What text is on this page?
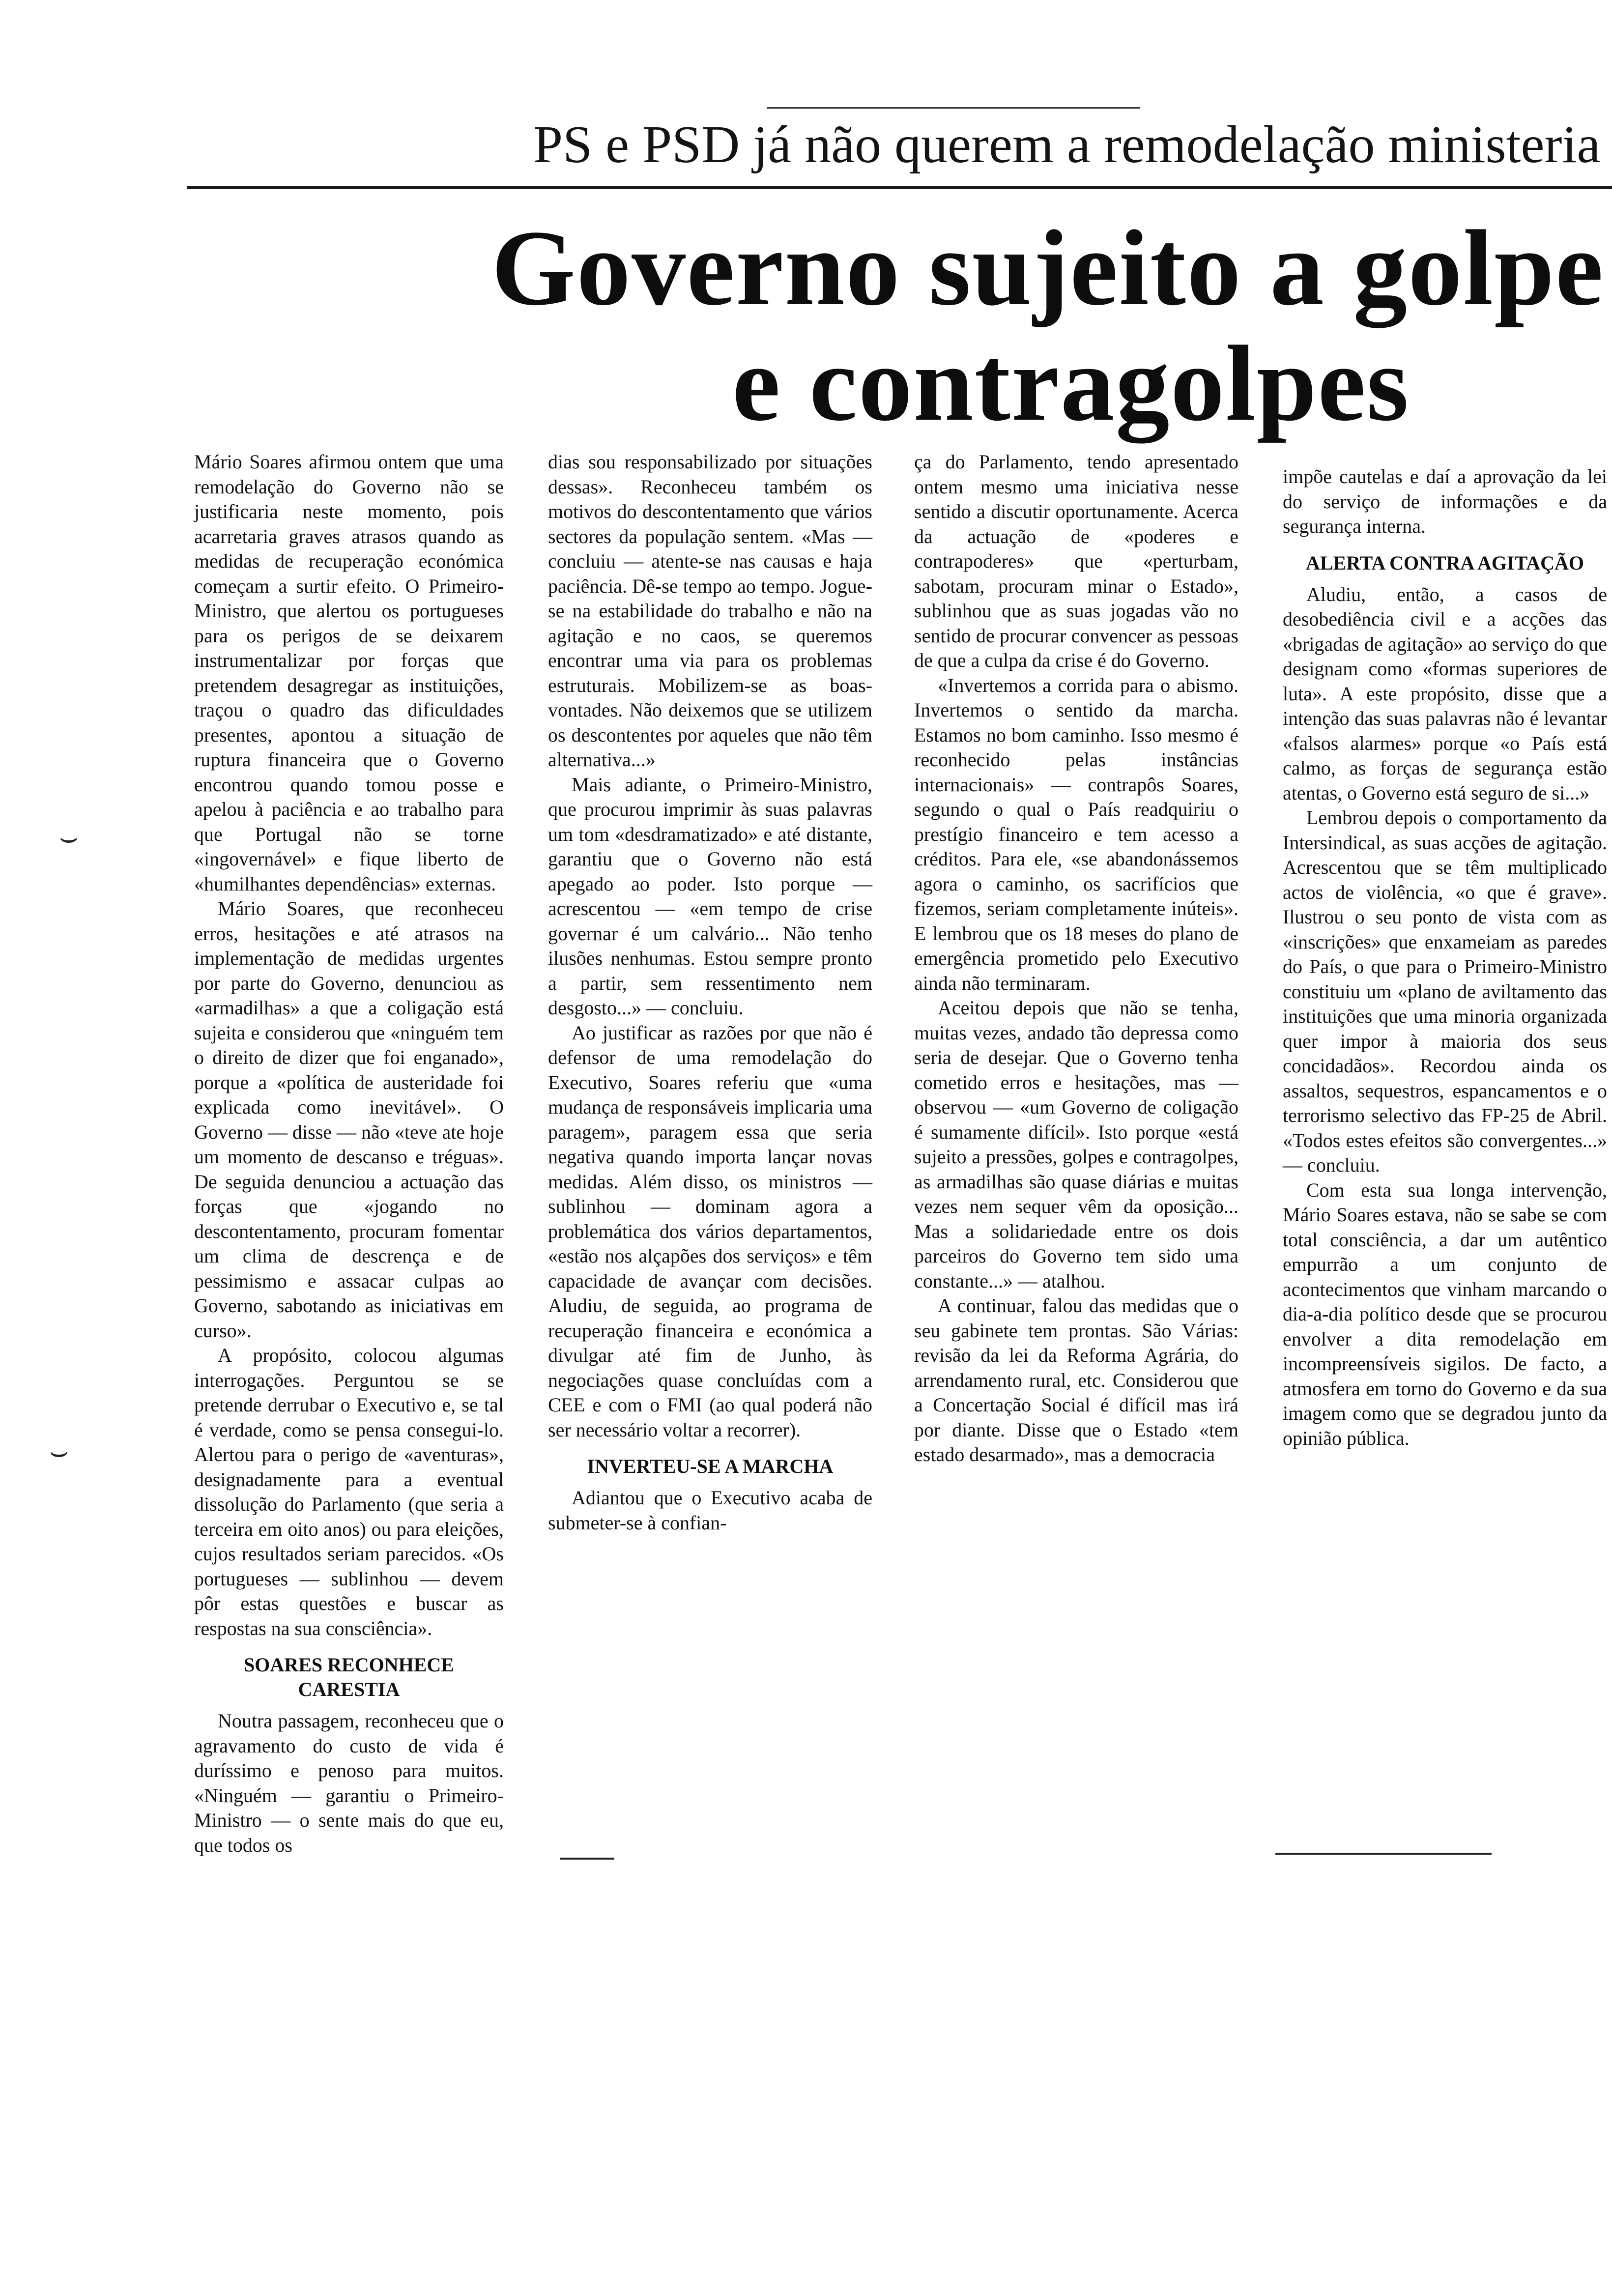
PS e PSD já não querem a remodelação ministeria
Governo sujeito a golpe
e contragolpes
⌣
⌣

Mário Soares afirmou ontem que uma remodelação do Governo não se justificaria neste momento, pois acarretaria graves atrasos quando as medidas de recuperação económica começam a surtir efeito. O Primeiro-Ministro, que alertou os portugueses para os perigos de se deixarem instrumentalizar por forças que pretendem desagregar as instituições, traçou o quadro das dificuldades presentes, apontou a situação de ruptura financeira que o Governo encontrou quando tomou posse e apelou à paciência e ao trabalho para que Portugal não se torne «ingovernável» e fique liberto de «humilhantes dependências» externas.

Mário Soares, que reconheceu erros, hesitações e até atrasos na implementação de medidas urgentes por parte do Governo, denunciou as «armadilhas» a que a coligação está sujeita e considerou que «ninguém tem o direito de dizer que foi enganado», porque a «política de austeridade foi explicada como inevitável». O Governo — disse — não «teve ate hoje um momento de descanso e tréguas». De seguida denunciou a actuação das forças que «jogando no descontentamento, procuram fomentar um clima de descrença e de pessimismo e assacar culpas ao Governo, sabotando as iniciativas em curso».

A propósito, colocou algumas interrogações. Perguntou se se pretende derrubar o Executivo e, se tal é verdade, como se pensa consegui-lo. Alertou para o perigo de «aventuras», designadamente para a eventual dissolução do Parlamento (que seria a terceira em oito anos) ou para eleições, cujos resultados seriam parecidos. «Os portugueses — sublinhou — devem pôr estas questões e buscar as respostas na sua consciência».

SOARES RECONHECE CARESTIA

Noutra passagem, reconheceu que o agravamento do custo de vida é duríssimo e penoso para muitos. «Ninguém — garantiu o Primeiro-Ministro — o sente mais do que eu, que todos os

dias sou responsabilizado por situações dessas». Reconheceu também os motivos do descontentamento que vários sectores da população sentem. «Mas — concluiu — atente-se nas causas e haja paciência. Dê-se tempo ao tempo. Jogue-se na estabilidade do trabalho e não na agitação e no caos, se queremos encontrar uma via para os problemas estruturais. Mobilizem-se as boas-vontades. Não deixemos que se utilizem os descontentes por aqueles que não têm alternativa...»

Mais adiante, o Primeiro-Ministro, que procurou imprimir às suas palavras um tom «desdramatizado» e até distante, garantiu que o Governo não está apegado ao poder. Isto porque — acrescentou — «em tempo de crise governar é um calvário... Não tenho ilusões nenhumas. Estou sempre pronto a partir, sem ressentimento nem desgosto...» — concluiu.

Ao justificar as razões por que não é defensor de uma remodelação do Executivo, Soares referiu que «uma mudança de responsáveis implicaria uma paragem», paragem essa que seria negativa quando importa lançar novas medidas. Além disso, os ministros — sublinhou — dominam agora a problemática dos vários departamentos, «estão nos alçapões dos serviços» e têm capacidade de avançar com decisões. Aludiu, de seguida, ao programa de recuperação financeira e económica a divulgar até fim de Junho, às negociações quase concluídas com a CEE e com o FMI (ao qual poderá não ser necessário voltar a recorrer).

INVERTEU-SE A MARCHA

Adiantou que o Executivo acaba de submeter-se à confian-

ça do Parlamento, tendo apresentado ontem mesmo uma iniciativa nesse sentido a discutir oportunamente. Acerca da actuação de «poderes e contrapoderes» que «perturbam, sabotam, procuram minar o Estado», sublinhou que as suas jogadas vão no sentido de procurar convencer as pessoas de que a culpa da crise é do Governo.

«Invertemos a corrida para o abismo. Invertemos o sentido da marcha. Estamos no bom caminho. Isso mesmo é reconhecido pelas instâncias internacionais» — contrapôs Soares, segundo o qual o País readquiriu o prestígio financeiro e tem acesso a créditos. Para ele, «se abandonássemos agora o caminho, os sacrifícios que fizemos, seriam completamente inúteis». E lembrou que os 18 meses do plano de emergência prometido pelo Executivo ainda não terminaram.

Aceitou depois que não se tenha, muitas vezes, andado tão depressa como seria de desejar. Que o Governo tenha cometido erros e hesitações, mas — observou — «um Governo de coligação é sumamente difícil». Isto porque «está sujeito a pressões, golpes e contragolpes, as armadilhas são quase diárias e muitas vezes nem sequer vêm da oposição... Mas a solidariedade entre os dois parceiros do Governo tem sido uma constante...» — atalhou.

A continuar, falou das medidas que o seu gabinete tem prontas. São Várias: revisão da lei da Reforma Agrária, do arrendamento rural, etc. Considerou que a Concertação Social é difícil mas irá por diante. Disse que o Estado «tem estado desarmado», mas a democracia

impõe cautelas e daí a aprovação da lei do serviço de informações e da segurança interna.

ALERTA CONTRA AGITAÇÃO

Aludiu, então, a casos de desobediência civil e a acções das «brigadas de agitação» ao serviço do que designam como «formas superiores de luta». A este propósito, disse que a intenção das suas palavras não é levantar «falsos alarmes» porque «o País está calmo, as forças de segurança estão atentas, o Governo está seguro de si...»

Lembrou depois o comportamento da Intersindical, as suas acções de agitação. Acrescentou que se têm multiplicado actos de violência, «o que é grave». Ilustrou o seu ponto de vista com as «inscrições» que enxameiam as paredes do País, o que para o Primeiro-Ministro constituiu um «plano de aviltamento das instituições que uma minoria organizada quer impor à maioria dos seus concidadãos». Recordou ainda os assaltos, sequestros, espancamentos e o terrorismo selectivo das FP-25 de Abril. «Todos estes efeitos são convergentes...» — concluiu.

Com esta sua longa intervenção, Mário Soares estava, não se sabe se com total consciência, a dar um autêntico empurrão a um conjunto de acontecimentos que vinham marcando o dia-a-dia político desde que se procurou envolver a dita remodelação em incompreensíveis sigilos. De facto, a atmosfera em torno do Governo e da sua imagem como que se degradou junto da opinião pública.
